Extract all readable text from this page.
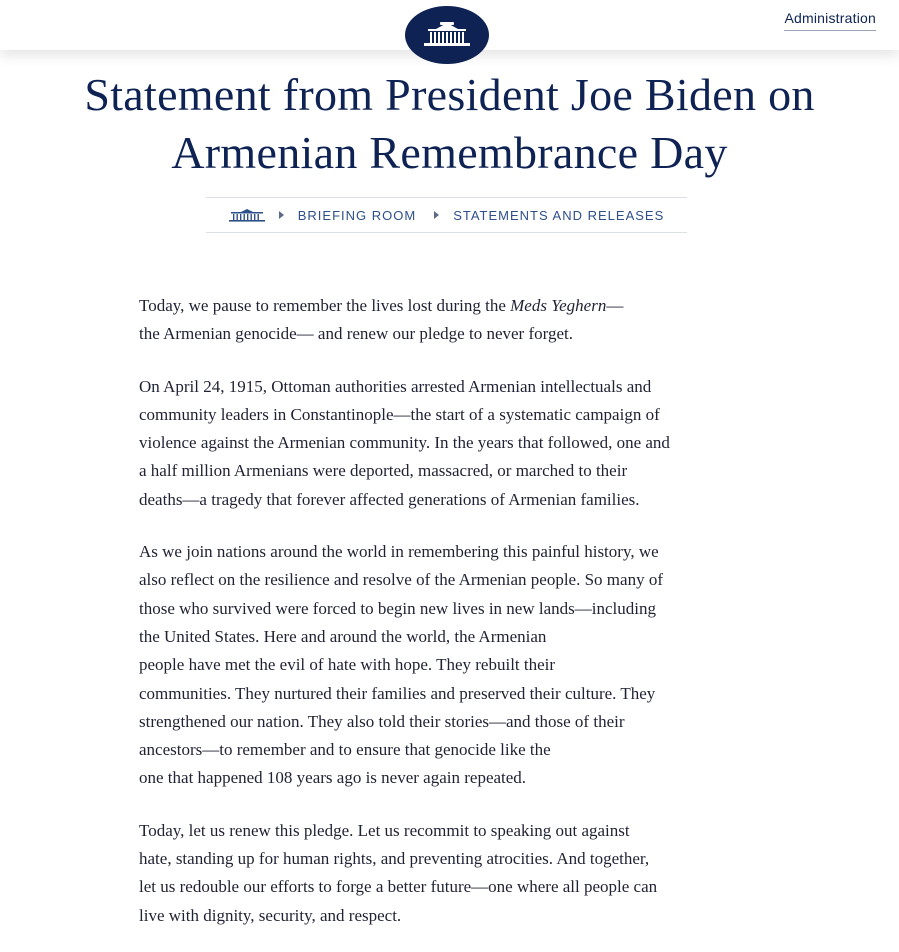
Administration
Statement from President Joe Biden on
Armenian Remembrance Day
BRIEFING ROOM	STATEMENTS AND RELEASES

Today, we pause to remember the lives lost during the Meds Yeghern—
the Armenian genocide— and renew our pledge to never forget.

On April 24, 1915, Ottoman authorities arrested Armenian intellectuals and
community leaders in Constantinople—the start of a systematic campaign of
violence against the Armenian community. In the years that followed, one and
a half million Armenians were deported, massacred, or marched to their
deaths—a tragedy that forever affected generations of Armenian families.

As we join nations around the world in remembering this painful history, we
also reflect on the resilience and resolve of the Armenian people. So many of
those who survived were forced to begin new lives in new lands—including
the United States. Here and around the world, the Armenian
people have met the evil of hate with hope. They rebuilt their
communities. They nurtured their families and preserved their culture. They
strengthened our nation. They also told their stories—and those of their
ancestors—to remember and to ensure that genocide like the
one that happened 108 years ago is never again repeated.

Today, let us renew this pledge. Let us recommit to speaking out against
hate, standing up for human rights, and preventing atrocities. And together,
let us redouble our efforts to forge a better future—one where all people can
live with dignity, security, and respect.
